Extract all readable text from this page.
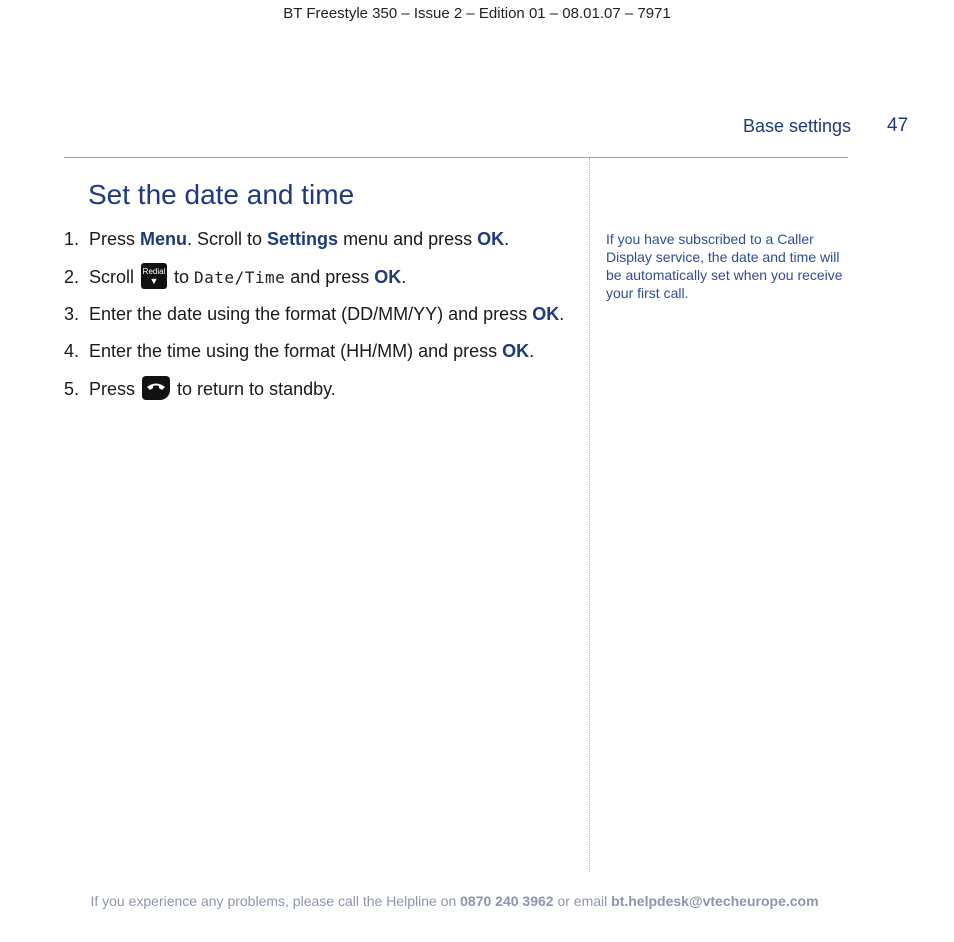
BT Freestyle 350 – Issue 2 – Edition 01 – 08.01.07 – 7971
Base settings 47
Set the date and time
1. Press Menu. Scroll to Settings menu and press OK.
2. Scroll Redial
▼ to Date/Time and press OK.
3. Enter the date using the format (DD/MM/YY) and press OK.
4. Enter the time using the format (HH/MM) and press OK.
5. Press  to return to standby.
If you have subscribed to a Caller Display service, the date and time will be automatically set when you receive your first call.
If you experience any problems, please call the Helpline on 0870 240 3962 or email bt.helpdesk@vtecheurope.com
